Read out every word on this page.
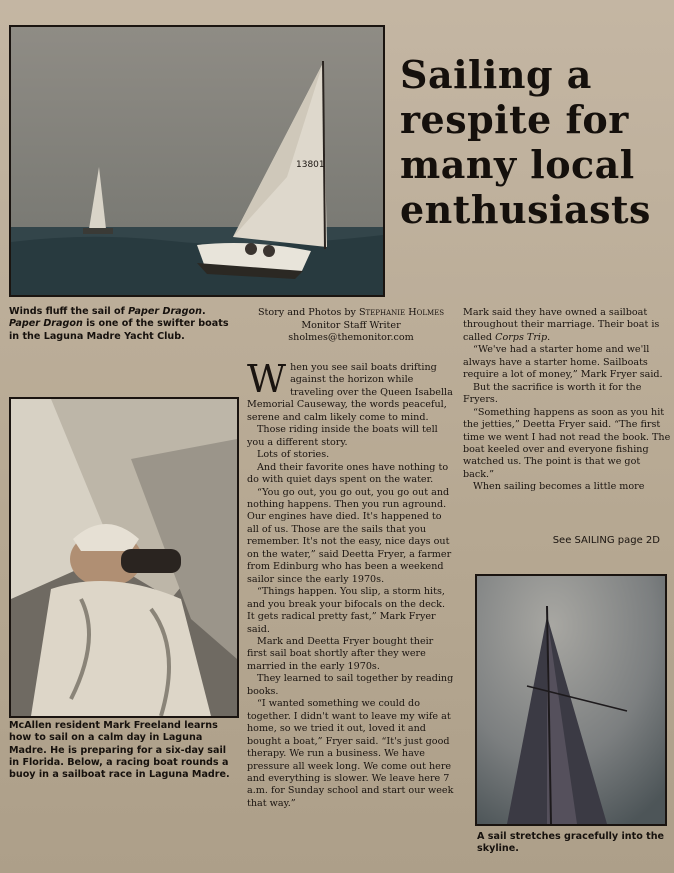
13801
Sailing a
respite for
many local
enthusiasts
Winds fluff the sail of Paper Dragon. Paper Dragon is one of the swifter boats in the Laguna Madre Yacht Club.
Story and Photos by Stephanie Holmes
Monitor Staff Writer
sholmes@themonitor.com
McAllen resident Mark Freeland learns how to sail on a calm day in Laguna Madre. He is preparing for a six-day sail in Florida. Below, a racing boat rounds a buoy in a sailboat race in Laguna Madre.

When you see sail boats drifting against the horizon while traveling over the Queen Isabella Memorial Causeway, the words peaceful, serene and calm likely come to mind.

Those riding inside the boats will tell you a different story.

Lots of stories.

And their favorite ones have nothing to do with quiet days spent on the water.

“You go out, you go out, you go out and nothing happens. Then you run aground. Our engines have died. It's happened to all of us. Those are the sails that you remember. It's not the easy, nice days out on the water,” said Deetta Fryer, a farmer from Edinburg who has been a weekend sailor since the early 1970s.

“Things happen. You slip, a storm hits, and you break your bifocals on the deck. It gets radical pretty fast,” Mark Fryer said.

Mark and Deetta Fryer bought their first sail boat shortly after they were married in the early 1970s.

They learned to sail together by reading books.

“I wanted something we could do together. I didn't want to leave my wife at home, so we tried it out, loved it and bought a boat,” Fryer said. “It's just good therapy. We run a business. We have pressure all week long. We come out here and everything is slower. We leave here 7 a.m. for Sunday school and start our week that way.”

Mark said they have owned a sailboat throughout their marriage. Their boat is called Corps Trip.

“We've had a starter home and we'll always have a starter home. Sailboats require a lot of money,” Mark Fryer said.

But the sacrifice is worth it for the Fryers.

“Something happens as soon as you hit the jetties,” Deetta Fryer said. “The first time we went I had not read the book. The boat keeled over and everyone fishing watched us. The point is that we got back.”

When sailing becomes a little more

See SAILING page 2D
A sail stretches gracefully into the skyline.
